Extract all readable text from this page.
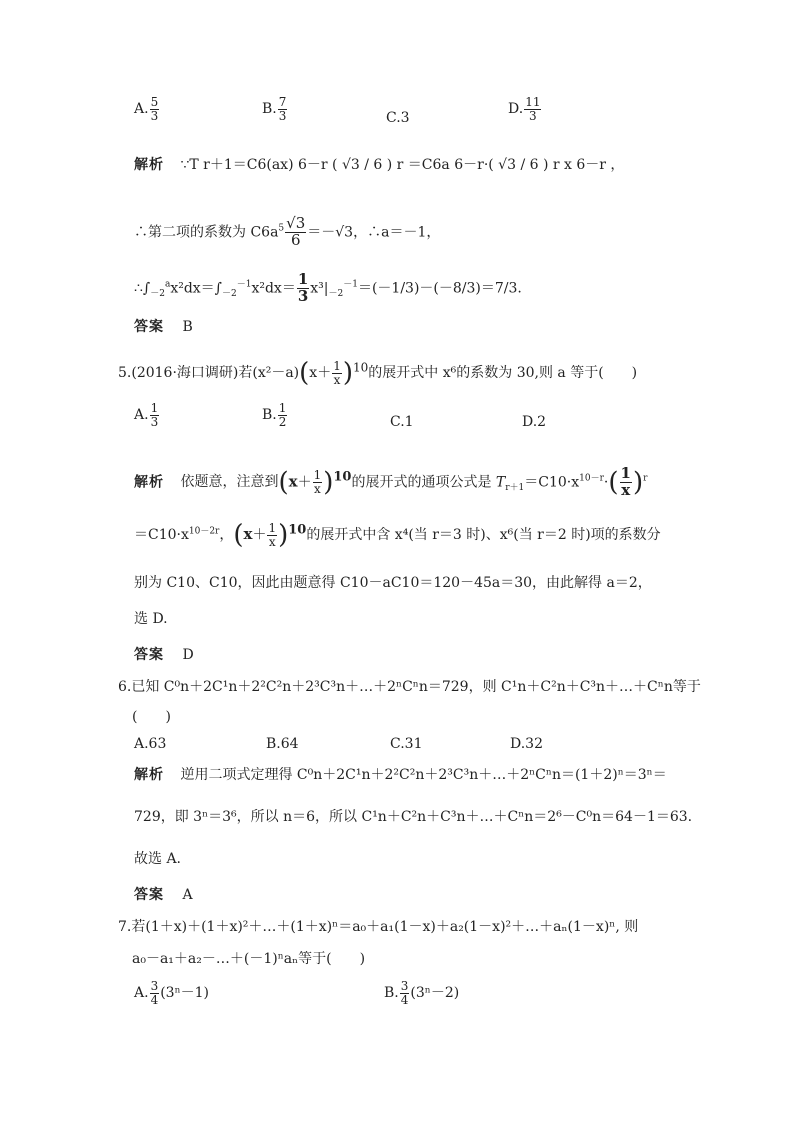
A. $\frac{5}{3}$	B. $\frac{7}{3}$	C.3
D. $\frac{11}{3}$
解析 ∵T r＋1＝C6(ax) 6－r ( √3 / 6 ) r ＝C6a 6－r·( √3 / 6 ) r x 6－r ，
∴第二项的系数为 $C6a^5 \frac{√3}{6} =-√3$，∴a＝－1，
$\therefore\int_{-2}^ax^2dx=\int_{-2}^{-1}x^2dx= \frac{1}{3} x^3|_{-2}^{-1}=(-1/3)-(-8/3)=7/3$.
答案 B
5.(2016·海口调研)若$(x^2-a)(x+ \frac{1}{x} )^{10}$的展开式中 x⁶的系数为 30,则 a 等于(　　)
A. $\frac{1}{3}$	B. $\frac{1}{2}$	C.1	D.2
解析 依题意，注意到$(x+ \frac{1}{x} )^{10}$的展开式的通项公式是 $T_{r+1}=C10\cdot x^{10-r}\cdot( \frac{1}{x} )^r$
$=C10\cdot x^{10-2r}$，$(x+ \frac{1}{x} )^{10}$的展开式中含 x⁴(当 r＝3 时)、x⁶(当 r＝2 时)项的系数分
别为 C10、C10，因此由题意得 C10－aC10＝120－45a＝30，由此解得 a＝2，
选 D.
答案 D
6.已知 C⁰n＋2C¹n＋2²C²n＋2³C³n＋…＋2ⁿCⁿn＝729，则 C¹n＋C²n＋C³n＋…＋Cⁿn等于
(　　)
A.63	B.64	C.31	D.32
解析 逆用二项式定理得 C⁰n＋2C¹n＋2²C²n＋2³C³n＋…＋2ⁿCⁿn＝(1＋2)ⁿ＝3ⁿ＝
729，即 3ⁿ＝3⁶，所以 n＝6，所以 C¹n＋C²n＋C³n＋…＋Cⁿn＝2⁶－C⁰n＝64－1＝63.
故选 A.
答案 A
7.若(1＋x)＋(1＋x)²＋…＋(1＋x)ⁿ＝a₀＋a₁(1－x)＋a₂(1－x)²＋…＋aₙ(1－x)ⁿ, 则
a₀－a₁＋a₂－…＋(－1)ⁿaₙ等于(　　)
A. $\frac{3}{4} (3^n-1)$	B. $\frac{3}{4} (3^n-2)$
